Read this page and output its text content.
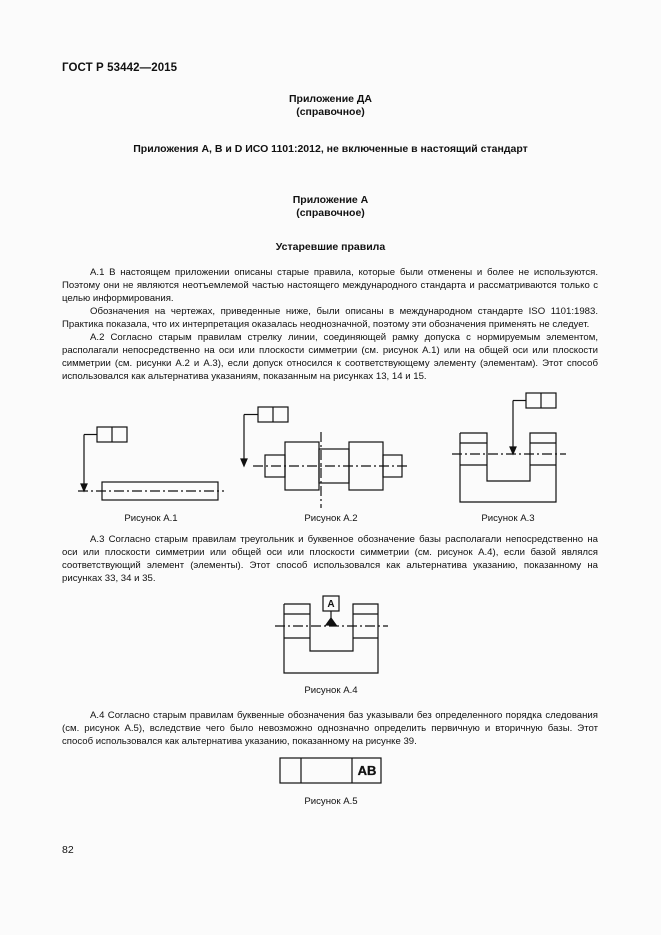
ГОСТ Р 53442—2015
Приложение ДА
(справочное)
Приложения A, B и D ИСО 1101:2012, не включенные в настоящий стандарт
Приложение А
(справочное)
Устаревшие правила

А.1 В настоящем приложении описаны старые правила, которые были отменены и более не используются. Поэтому они не являются неотъемлемой частью настоящего международного стандарта и рассматриваются только с целью информирования.

Обозначения на чертежах, приведенные ниже, были описаны в международном стандарте ISO 1101:1983. Практика показала, что их интерпретация оказалась неоднозначной, поэтому эти обозначения применять не следует.

А.2 Согласно старым правилам стрелку линии, соединяющей рамку допуска с нормируемым элементом, располагали непосредственно на оси или плоскости симметрии (см. рисунок А.1) или на общей оси или плоскости симметрии (см. рисунки А.2 и А.3), если допуск относился к соответствующему элементу (элементам). Этот способ использовался как альтернатива указаниям, показанным на рисунках 13, 14 и 15.

A
AB
Рисунок А.1	Рисунок А.2	Рисунок А.3

А.3 Согласно старым правилам треугольник и буквенное обозначение базы располагали непосредственно на оси или плоскости симметрии или общей оси или плоскости симметрии (см. рисунок А.4), если базой являлся соответствующий элемент (элементы). Этот способ использовался как альтернатива указанию, показанному на рисунках 33, 34 и 35.

Рисунок А.4

А.4 Согласно старым правилам буквенные обозначения баз указывали без определенного порядка следования (см. рисунок А.5), вследствие чего было невозможно однозначно определить первичную и вторичную базы. Этот способ использовался как альтернатива указанию, показанному на рисунке 39.

Рисунок А.5
82
